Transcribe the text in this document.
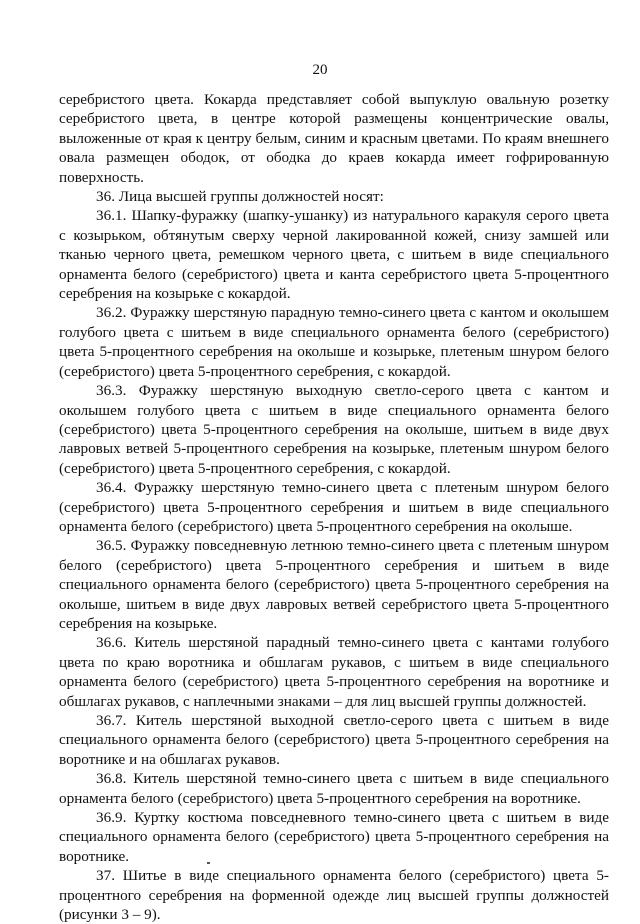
20

серебристого цвета. Кокарда представляет собой выпуклую овальную розетку серебристого цвета, в центре которой размещены концентрические овалы, выложенные от края к центру белым, синим и красным цветами. По краям внешнего овала размещен ободок, от ободка до краев кокарда имеет гофрированную поверхность.

36. Лица высшей группы должностей носят:

36.1. Шапку-фуражку (шапку-ушанку) из натурального каракуля серого цвета с козырьком, обтянутым сверху черной лакированной кожей, снизу замшей или тканью черного цвета, ремешком черного цвета, с шитьем в виде специального орнамента белого (серебристого) цвета и канта серебристого цвета 5-процентного серебрения на козырьке с кокардой.

36.2. Фуражку шерстяную парадную темно-синего цвета с кантом и околышем голубого цвета с шитьем в виде специального орнамента белого (серебристого) цвета 5-процентного серебрения на околыше и козырьке, плетеным шнуром белого (серебристого) цвета 5-процентного серебрения, с кокардой.

36.3. Фуражку шерстяную выходную светло-серого цвета с кантом и околышем голубого цвета с шитьем в виде специального орнамента белого (серебристого) цвета 5-процентного серебрения на околыше, шитьем в виде двух лавровых ветвей 5-процентного серебрения на козырьке, плетеным шнуром белого (серебристого) цвета 5-процентного серебрения, с кокардой.

36.4. Фуражку шерстяную темно-синего цвета с плетеным шнуром белого (серебристого) цвета 5-процентного серебрения и шитьем в виде специального орнамента белого (серебристого) цвета 5-процентного серебрения на околыше.

36.5. Фуражку повседневную летнюю темно-синего цвета с плетеным шнуром белого (серебристого) цвета 5-процентного серебрения и шитьем в виде специального орнамента белого (серебристого) цвета 5-процентного серебрения на околыше, шитьем в виде двух лавровых ветвей серебристого цвета 5-процентного серебрения на козырьке.

36.6. Китель шерстяной парадный темно-синего цвета с кантами голубого цвета по краю воротника и обшлагам рукавов, с шитьем в виде специального орнамента белого (серебристого) цвета 5-процентного серебрения на воротнике и обшлагах рукавов, с наплечными знаками – для лиц высшей группы должностей.

36.7. Китель шерстяной выходной светло-серого цвета с шитьем в виде специального орнамента белого (серебристого) цвета 5-процентного серебрения на воротнике и на обшлагах рукавов.

36.8. Китель шерстяной темно-синего цвета с шитьем в виде специального орнамента белого (серебристого) цвета 5-процентного серебрения на воротнике.

36.9. Куртку костюма повседневного темно-синего цвета с шитьем в виде специального орнамента белого (серебристого) цвета 5-процентного серебрения на воротнике.

37. Шитье в виде специального орнамента белого (серебристого) цвета 5-процентного серебрения на форменной одежде лиц высшей группы должностей (рисунки 3 – 9).
